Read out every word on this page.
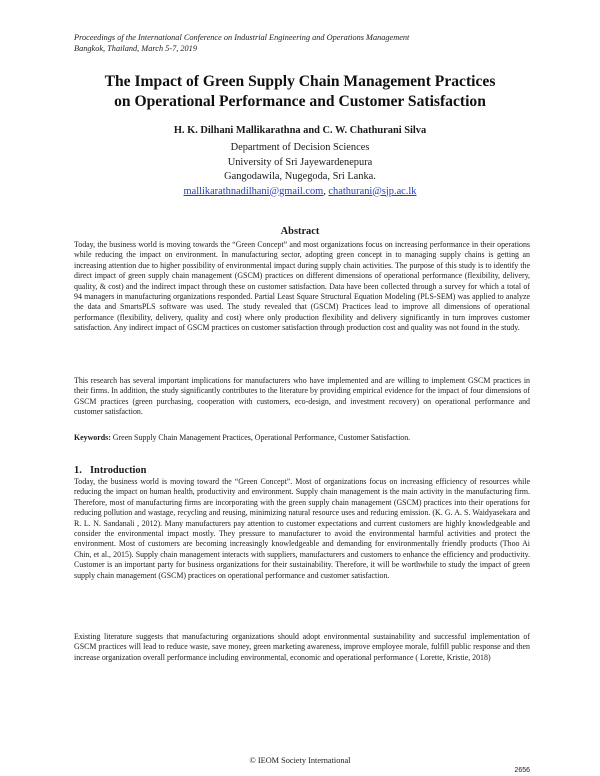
Proceedings of the International Conference on Industrial Engineering and Operations Management
Bangkok, Thailand, March 5-7, 2019
The Impact of Green Supply Chain Management Practices
on Operational Performance and Customer Satisfaction
H. K. Dilhani Mallikarathna and C. W. Chathurani Silva
Department of Decision Sciences
University of Sri Jayewardenepura
Gangodawila, Nugegoda, Sri Lanka.
mallikarathnadilhani@gmail.com, chathurani@sjp.ac.lk
Abstract
Today, the business world is moving towards the “Green Concept” and most organizations focus on increasing performance in their operations while reducing the impact on environment. In manufacturing sector, adopting green concept in to managing supply chains is getting an increasing attention due to higher possibility of environmental impact during supply chain activities. The purpose of this study is to identify the direct impact of green supply chain management (GSCM) practices on different dimensions of operational performance (flexibility, delivery, quality, & cost) and the indirect impact through these on customer satisfaction. Data have been collected through a survey for which a total of 94 managers in manufacturing organizations responded. Partial Least Square Structural Equation Modeling (PLS-SEM) was applied to analyze the data and SmartsPLS software was used. The study revealed that (GSCM) Practices lead to improve all dimensions of operational performance (flexibility, delivery, quality and cost) where only production flexibility and delivery significantly in turn improves customer satisfaction. Any indirect impact of GSCM practices on customer satisfaction through production cost and quality was not found in the study.
This research has several important implications for manufacturers who have implemented and are willing to implement GSCM practices in their firms. In addition, the study significantly contributes to the literature by providing empirical evidence for the impact of four dimensions of GSCM practices (green purchasing, cooperation with customers, eco-design, and investment recovery) on operational performance and customer satisfaction.
Keywords: Green Supply Chain Management Practices, Operational Performance, Customer Satisfaction.
1. Introduction
Today, the business world is moving toward the “Green Concept”. Most of organizations focus on increasing efficiency of resources while reducing the impact on human health, productivity and environment. Supply chain management is the main activity in the manufacturing firm. Therefore, most of manufacturing firms are incorporating with the green supply chain management (GSCM) practices into their operations for reducing pollution and wastage, recycling and reusing, minimizing natural resource uses and reducing emission. (K. G. A. S. Waidyasekara and R. L. N. Sandanali , 2012). Many manufacturers pay attention to customer expectations and current customers are highly knowledgeable and consider the environmental impact mostly. They pressure to manufacturer to avoid the environmental harmful activities and protect the environment. Most of customers are becoming increasingly knowledgeable and demanding for environmentally friendly products (Thoo Ai Chin, et al., 2015). Supply chain management interacts with suppliers, manufacturers and customers to enhance the efficiency and productivity. Customer is an important party for business organizations for their sustainability. Therefore, it will be worthwhile to study the impact of green supply chain management (GSCM) practices on operational performance and customer satisfaction.
Existing literature suggests that manufacturing organizations should adopt environmental sustainability and successful implementation of GSCM practices will lead to reduce waste, save money, green marketing awareness, improve employee morale, fulfill public response and then increase organization overall performance including environmental, economic and operational performance ( Lorette, Kristie, 2018)
© IEOM Society International
2656
